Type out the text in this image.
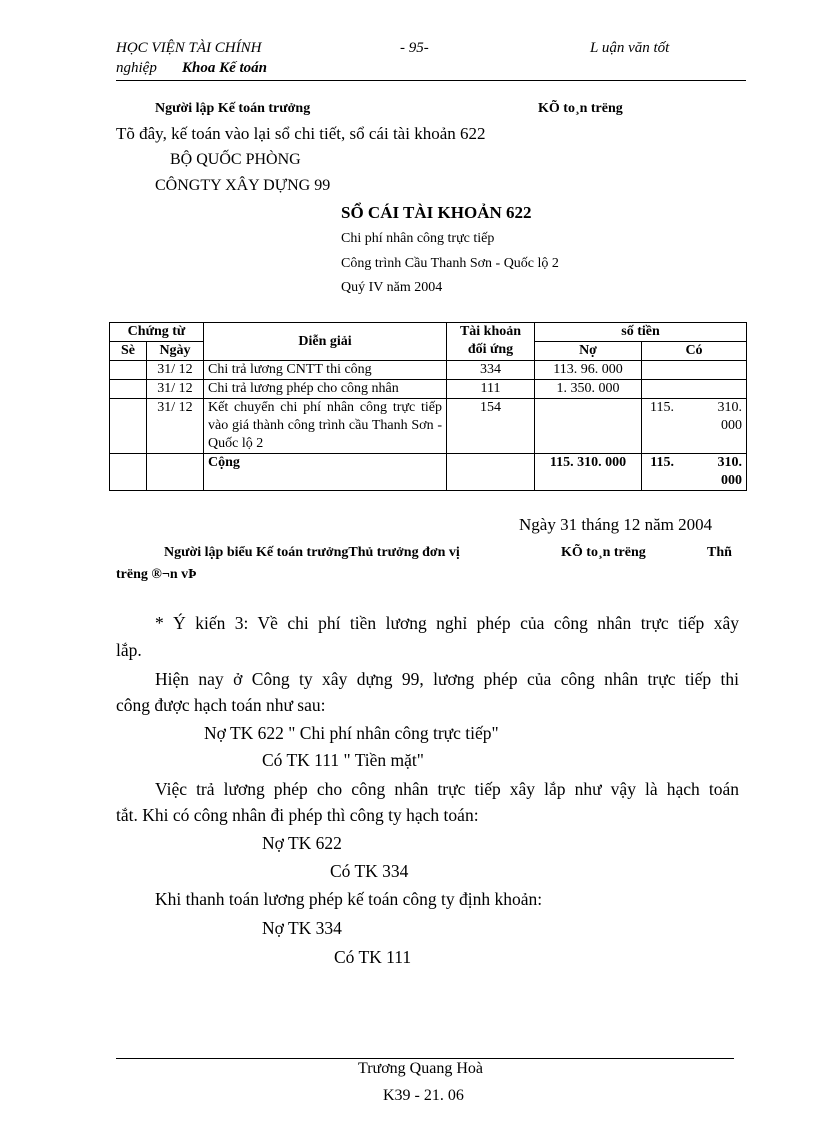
HỌC VIỆN TÀI CHÍNH	- 95-	L uận văn tốt
nghiệp Khoa Kế toán
Người lập Kế toán trưởng	KÕ to¸n trëng
Tõ đây, kế toán vào lại sổ chi tiết, sổ cái tài khoản 622
BỘ QUỐC PHÒNG
CÔNGTY XÂY DỰNG 99
SỔ CÁI TÀI KHOẢN 622
Chi phí nhân công trực tiếp
Công trình Cầu Thanh Sơn - Quốc lộ 2
Quý IV năm 2004
Chứng từ		Diễn giải	Tài khoản đối ứng	số tiền	
Sè	Ngày			Nợ	Có
	31/ 12	Chi trả lương CNTT thi công	334	113. 96. 000	
	31/ 12	Chi trả lương phép cho công nhân	111	1. 350. 000	
	31/ 12	Kết chuyển chi phí nhân công trực tiếp vào giá thành công trình cầu Thanh Sơn - Quốc lộ 2	154		115. 310. 000
		Cộng		115. 310. 000	115. 310. 000
Ngày 31 tháng 12 năm 2004
Người lập biểu Kế toán trưởngThủ trưởng đơn vị	KÕ to¸n trëng	Thñ
trëng ®¬n vÞ
* Ý kiến 3: Về chi phí tiền lương nghỉ phép của công nhân trực tiếp xây
lắp.
Hiện nay ở Công ty xây dựng 99, lương phép của công nhân trực tiếp thi
công được hạch toán như sau:
Nợ TK 622 " Chi phí nhân công trực tiếp"
Có TK 111 " Tiền mặt"
Việc trả lương phép cho công nhân trực tiếp xây lắp như vậy là hạch toán
tắt. Khi có công nhân đi phép thì công ty hạch toán:
Nợ TK 622
Có TK 334
Khi thanh toán lương phép kế toán công ty định khoản:
Nợ TK 334
Có TK 111
Trương Quang Hoà
K39 - 21. 06
